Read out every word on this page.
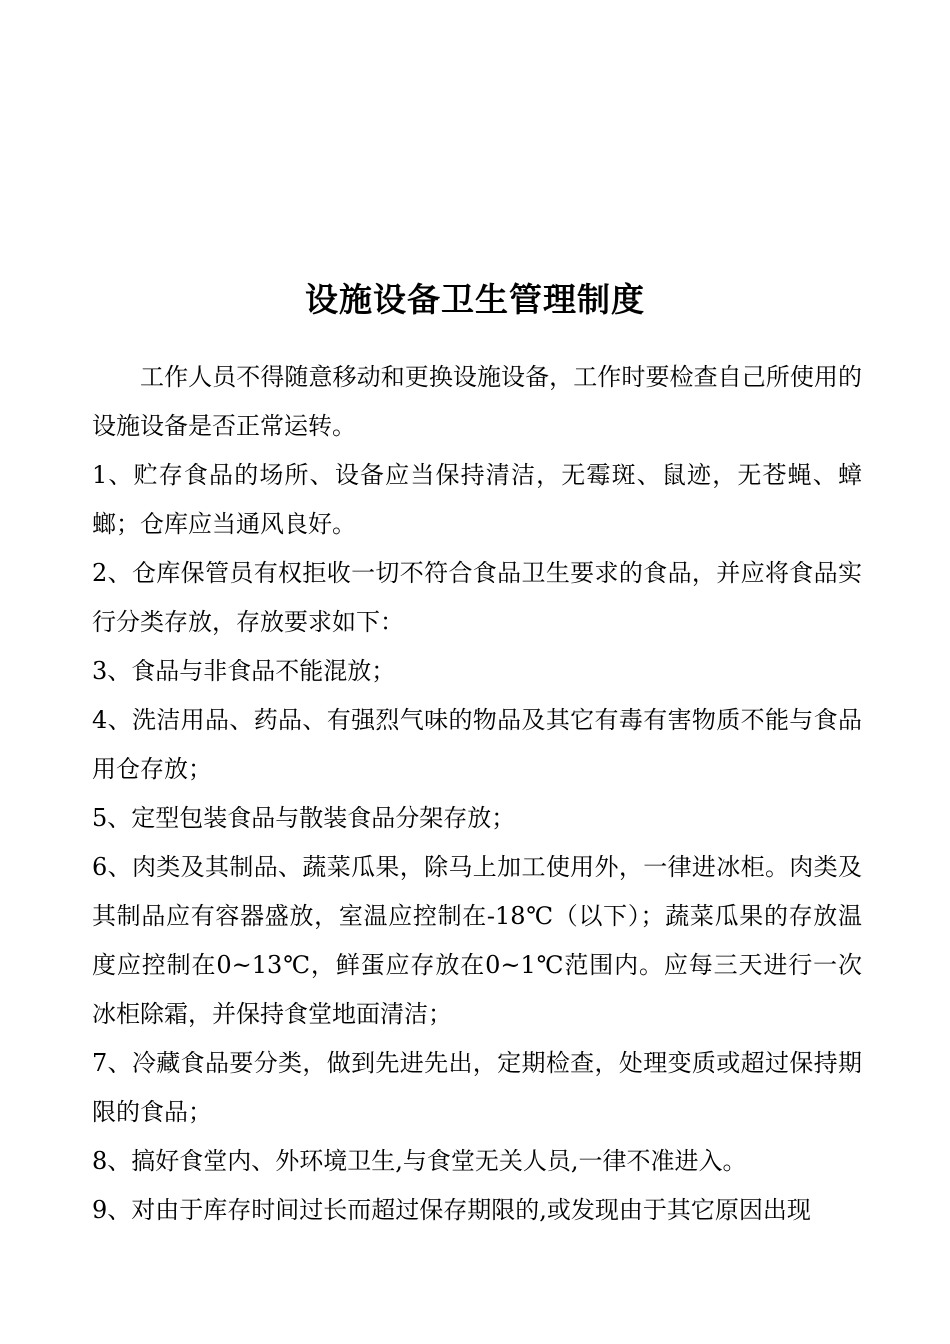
设施设备卫生管理制度

工作人员不得随意移动和更换设施设备，工作时要检查自己所使用的设施设备是否正常运转。

1、贮存食品的场所、设备应当保持清洁，无霉斑、鼠迹，无苍蝇、蟑螂；仓库应当通风良好。

2、仓库保管员有权拒收一切不符合食品卫生要求的食品，并应将食品实行分类存放，存放要求如下：

3、食品与非食品不能混放；

4、洗洁用品、药品、有强烈气味的物品及其它有毒有害物质不能与食品用仓存放；

5、定型包装食品与散装食品分架存放；

6、肉类及其制品、蔬菜瓜果，除马上加工使用外，一律进冰柜。肉类及其制品应有容器盛放，室温应控制在-18℃（以下）；蔬菜瓜果的存放温度应控制在0~13℃，鲜蛋应存放在0~1℃范围内。应每三天进行一次冰柜除霜，并保持食堂地面清洁；

7、冷藏食品要分类，做到先进先出，定期检查，处理变质或超过保持期限的食品；

8、搞好食堂内、外环境卫生,与食堂无关人员,一律不准进入。

9、对由于库存时间过长而超过保存期限的,或发现由于其它原因出现
